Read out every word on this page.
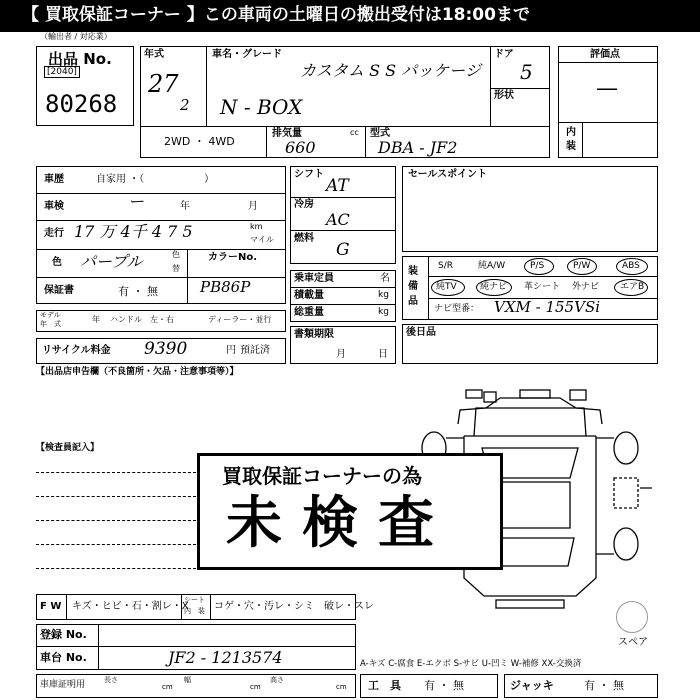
【 買取保証コーナー 】この車両の土曜日の搬出受付は18:00まで
（輸出者 / 対応業）
出品 No.
[2040]
80268
年式
27
2
車名・グレード
カスタム S S パッケージ
N - BOX
ドア
5
形状
2WD ・ 4WD
排気量	cc
660
型式
DBA - JF2
評価点
—
内装
車歴	自家用 ・（　　　　　　）
車検	ー	年	月
走行 17 万 4千 4 7 5	km
マイル
色 パープル	色
替
カラーNo.
PB86P
保証書	有 ・ 無
モデル
年　式	年 ハンドル　左・右	ディーラー・並行
リサイクル料金 9390	円 預託済
シフト
AT
冷房
AC
燃料
G
乗車定員	名
積載量	kg
総重量	kg
書類期限
月	日
セールスポイント
装備品
S/R	純A/W	P/S	P/W	ABS
純TV	純ナビ 革シート 外ナビ エアB
ナビ型番： VXM - 155VSi
後日品
【出品店申告欄（不良箇所・欠品・注意事項等）】
【検査員記入】
買取保証コーナーの為
未検査
スペア
F W キズ・ヒビ・石・割レ・X
シート
内　装 コゲ・穴・汚レ・シミ　破レ・スレ
登録 No.
車台 No.	JF2 - 1213574	A-キズ C-腐食 E-エクボ S-サビ U-凹ミ W-補修 XX-交換済
車庫証明用	長さ
cm
幅
cm
高さ
cm 工　具 有 ・ 無	ジャッキ	有 ・ 無
